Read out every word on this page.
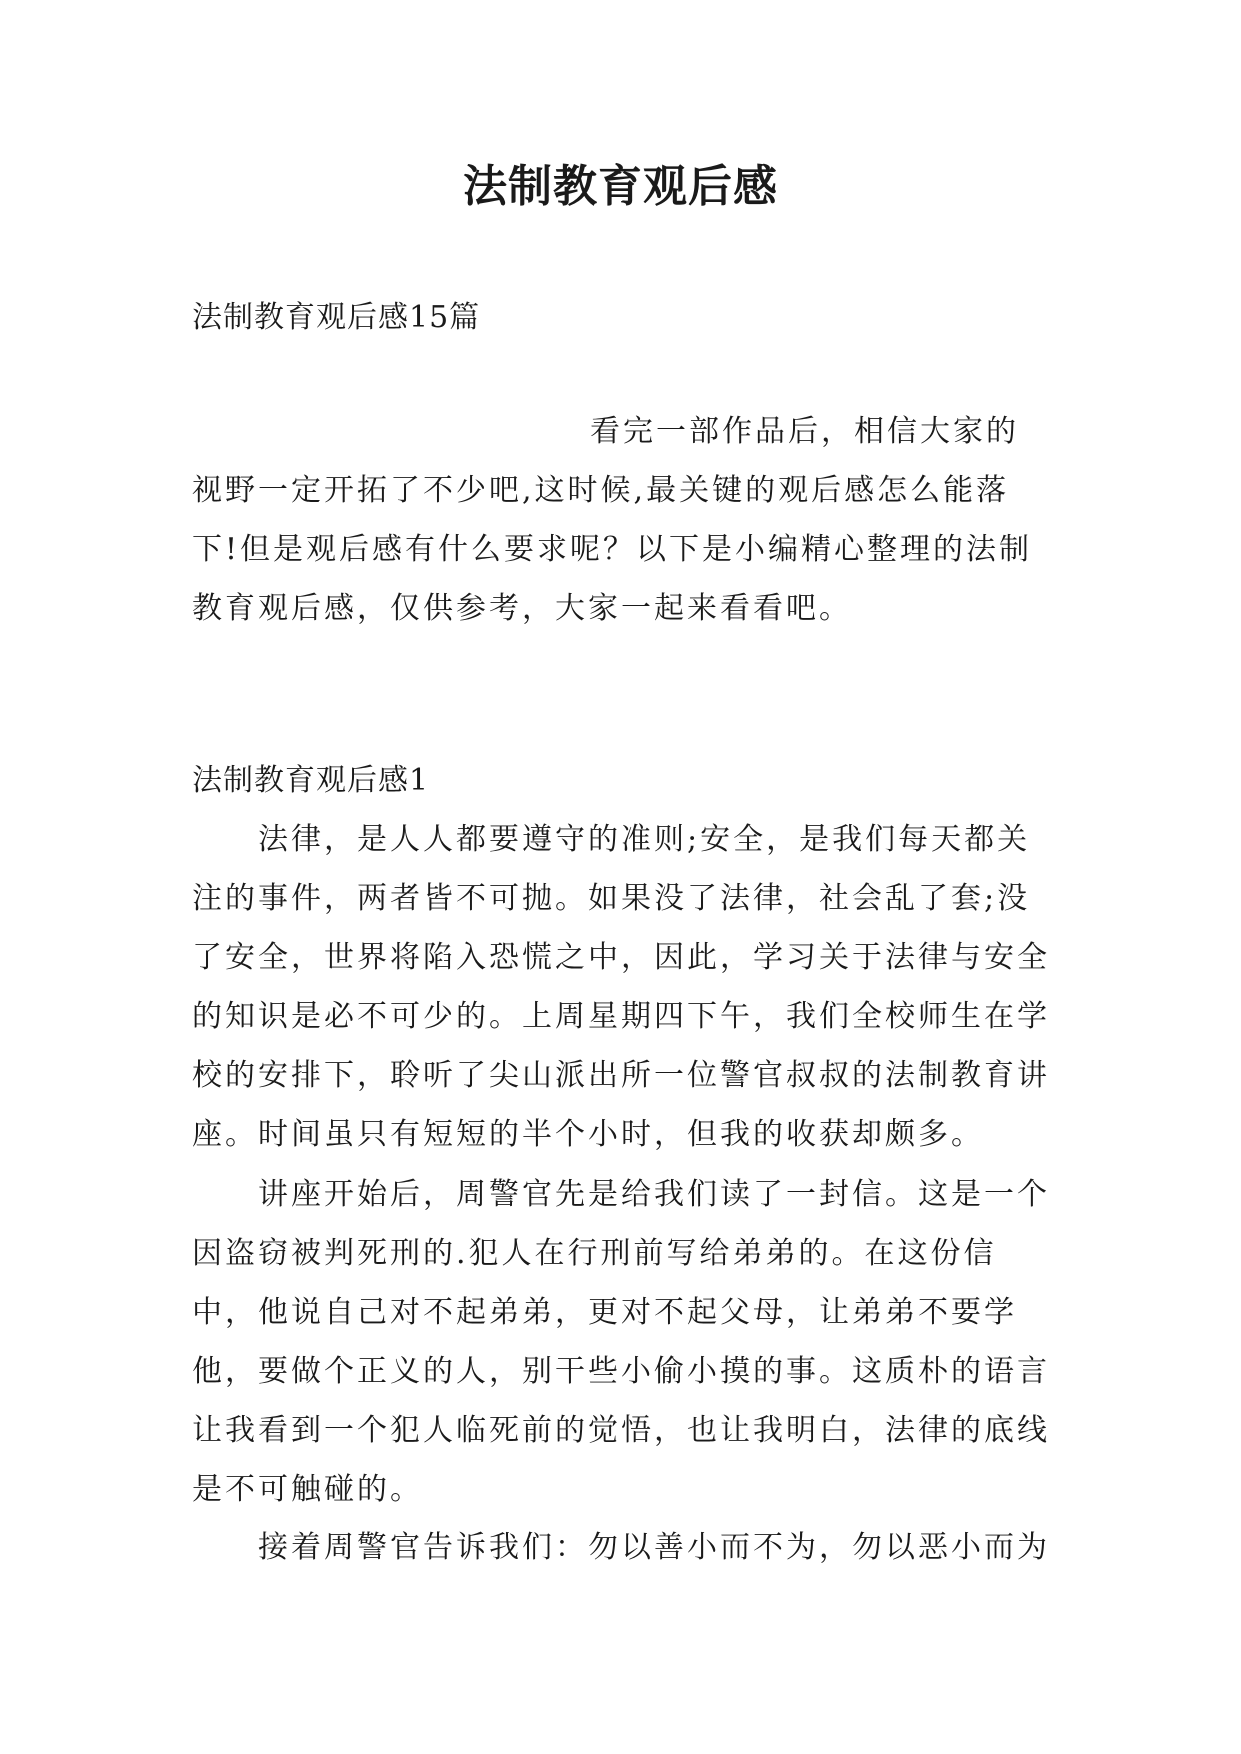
法制教育观后感
法制教育观后感15篇

看完一部作品后，相信大家的视野一定开拓了不少吧,这时候,最关键的观后感怎么能落下!但是观后感有什么要求呢？以下是小编精心整理的法制教育观后感，仅供参考，大家一起来看看吧。

法制教育观后感1

法律，是人人都要遵守的准则;安全，是我们每天都关注的事件，两者皆不可抛。如果没了法律，社会乱了套;没了安全，世界将陷入恐慌之中，因此，学习关于法律与安全的知识是必不可少的。上周星期四下午，我们全校师生在学校的安排下，聆听了尖山派出所一位警官叔叔的法制教育讲座。时间虽只有短短的半个小时，但我的收获却颇多。

讲座开始后，周警官先是给我们读了一封信。这是一个因盗窃被判死刑的.犯人在行刑前写给弟弟的。在这份信中，他说自己对不起弟弟，更对不起父母，让弟弟不要学他，要做个正义的人，别干些小偷小摸的事。这质朴的语言让我看到一个犯人临死前的觉悟，也让我明白，法律的底线是不可触碰的。

接着周警官告诉我们：勿以善小而不为，勿以恶小而为
